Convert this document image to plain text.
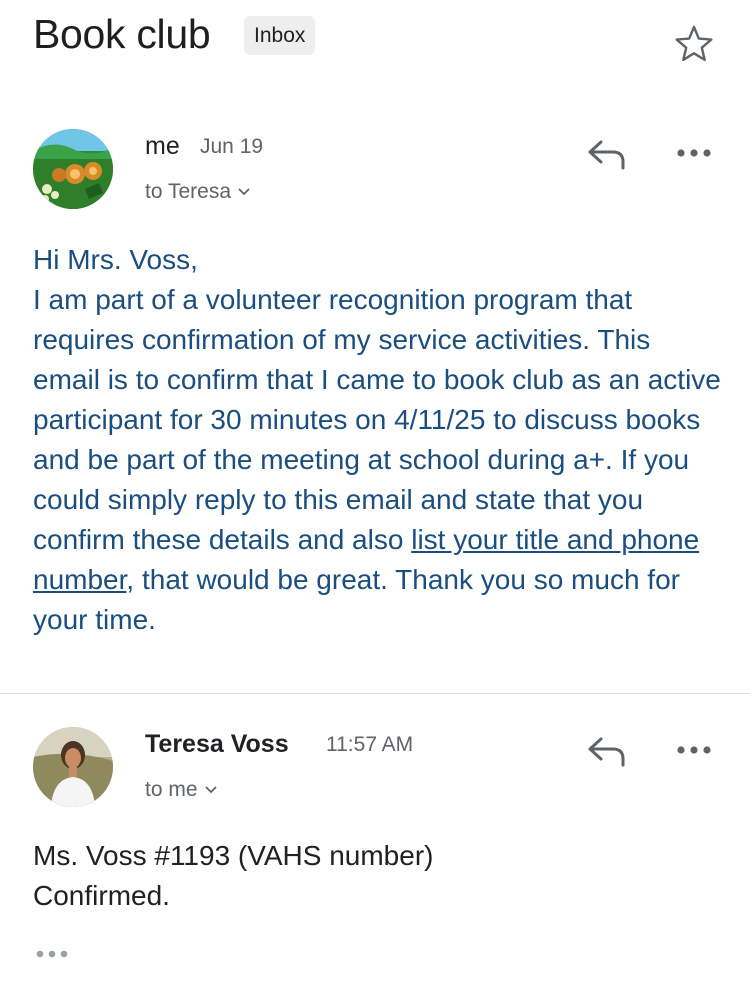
Book club	Inbox
me Jun 19
to Teresa

Hi Mrs. Voss,

I am part of a volunteer recognition program that requires confirmation of my service activities. This email is to confirm that I came to book club as an active participant for 30 minutes on 4/11/25 to discuss books and be part of the meeting at school during a+. If you could simply reply to this email and state that you confirm these details and also list your title and phone number, that would be great. Thank you so much for your time.

Teresa Voss 11:57 AM
to me

Ms. Voss #1193 (VAHS number)

Confirmed.
